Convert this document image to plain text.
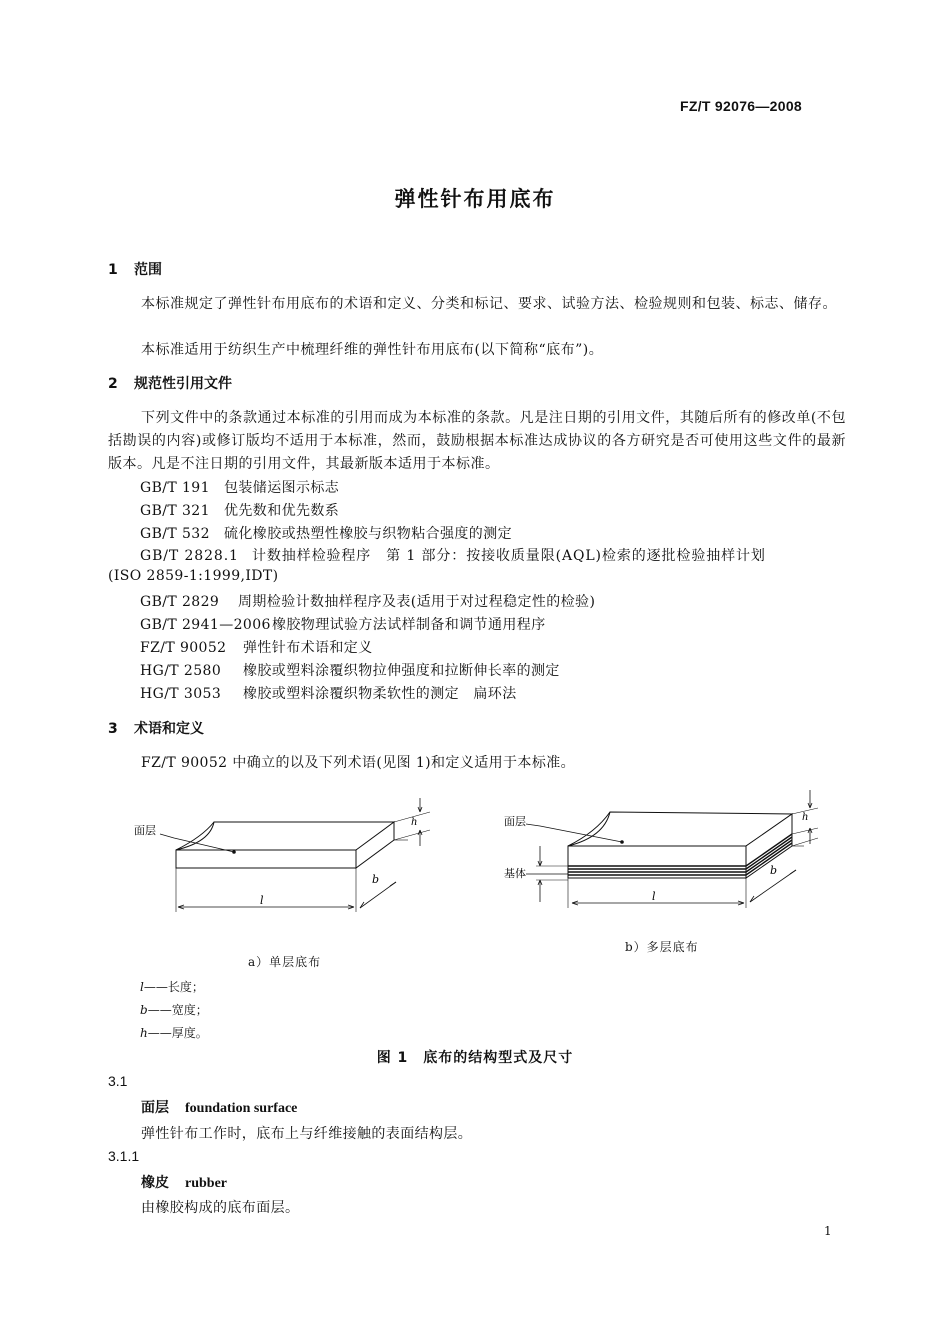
FZ/T 92076—2008
弹性针布用底布
1 范围
本标准规定了弹性针布用底布的术语和定义、分类和标记、要求、试验方法、检验规则和包装、标志、储存。
本标准适用于纺织生产中梳理纤维的弹性针布用底布(以下简称“底布”)。
2 规范性引用文件
下列文件中的条款通过本标准的引用而成为本标准的条款。凡是注日期的引用文件，其随后所有的修改单(不包括勘误的内容)或修订版均不适用于本标准，然而，鼓励根据本标准达成协议的各方研究是否可使用这些文件的最新版本。凡是不注日期的引用文件，其最新版本适用于本标准。
GB/T 191 包装储运图示标志
GB/T 321 优先数和优先数系
GB/T 532 硫化橡胶或热塑性橡胶与织物粘合强度的测定
GB/T 2828.1 计数抽样检验程序　第 1 部分：按接收质量限(AQL)检索的逐批检验抽样计划
(ISO 2859-1:1999,IDT)
GB/T 2829 周期检验计数抽样程序及表(适用于对过程稳定性的检验)
GB/T 2941—2006橡胶物理试验方法试样制备和调节通用程序
FZ/T 90052 弹性针布术语和定义
HG/T 2580 橡胶或塑料涂覆织物拉伸强度和拉断伸长率的测定
HG/T 3053 橡胶或塑料涂覆织物柔软性的测定　扁环法
3 术语和定义
FZ/T 90052 中确立的以及下列术语(见图 1)和定义适用于本标准。
面层
l
b
h	面层
基体
l
b
h
a）单层底布
b）多层底布
l——长度；
b——宽度；
h——厚度。
图 1　底布的结构型式及尺寸
3.1
面层 foundation surface
弹性针布工作时，底布上与纤维接触的表面结构层。
3.1.1
橡皮 rubber
由橡胶构成的底布面层。
1
